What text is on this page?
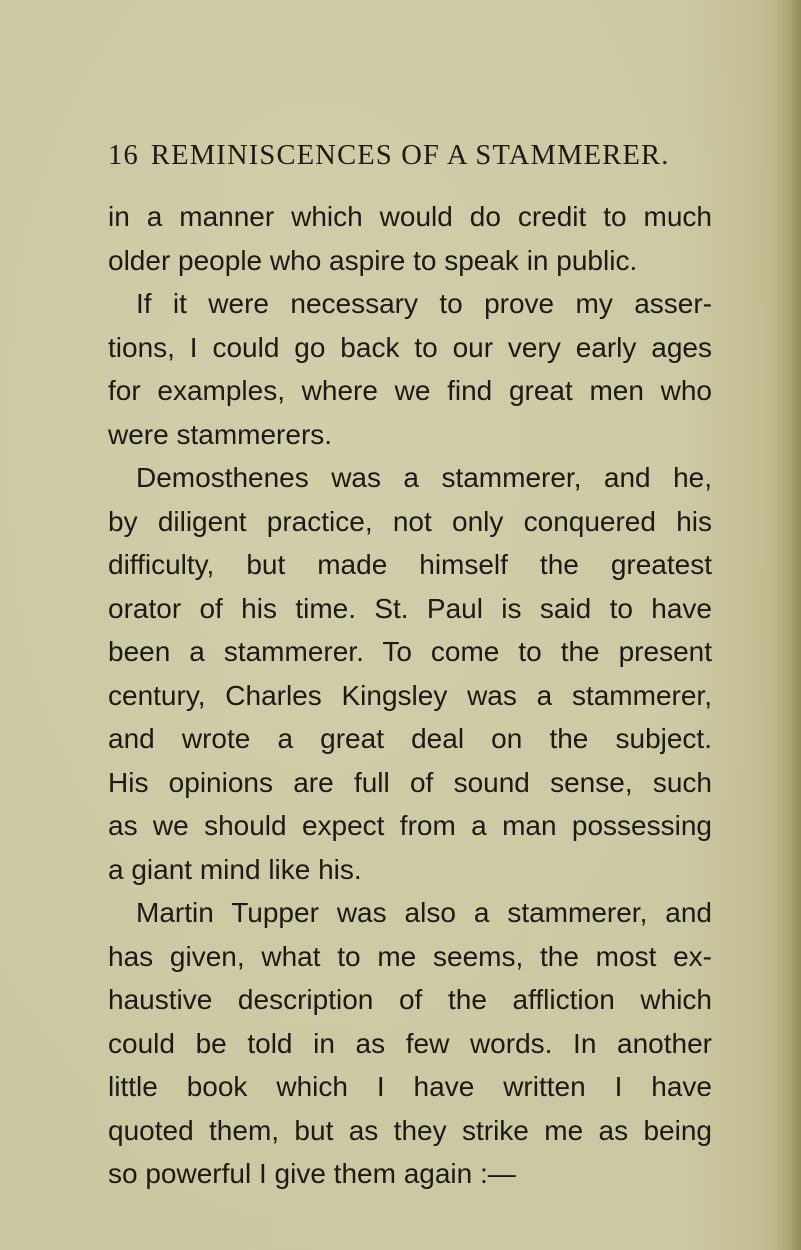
16 REMINISCENCES OF A STAMMERER.
in a manner which would do credit to much
older people who aspire to speak in public.
If it were necessary to prove my asser-
tions, I could go back to our very early ages
for examples, where we find great men who
were stammerers.
Demosthenes was a stammerer, and he,
by diligent practice, not only conquered his
difficulty, but made himself the greatest
orator of his time. St. Paul is said to have
been a stammerer. To come to the present
century, Charles Kingsley was a stammerer,
and wrote a great deal on the subject.
His opinions are full of sound sense, such
as we should expect from a man possessing
a giant mind like his.
Martin Tupper was also a stammerer, and
has given, what to me seems, the most ex-
haustive description of the affliction which
could be told in as few words. In another
little book which I have written I have
quoted them, but as they strike me as being
so powerful I give them again :—
